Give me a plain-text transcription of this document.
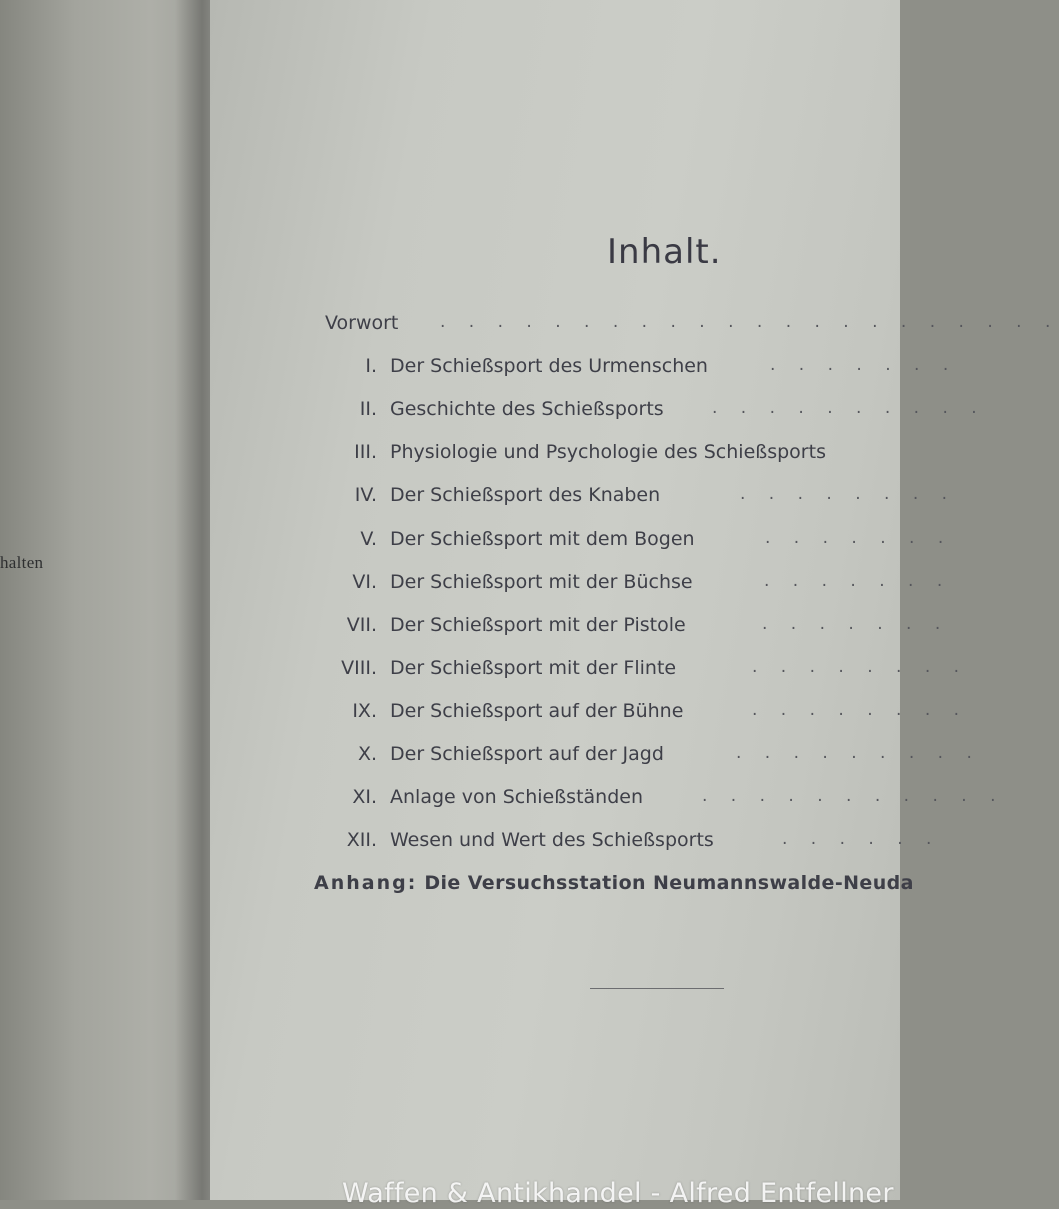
halten
Inhalt.
Vorwort . . . . . . . . . . . . . . . . . . . . . .
I. Der Schießsport des Urmenschen	. . . . . . .
II. Geschichte des Schießsports	. . . . . . . . . .
III. Physiologie und Psychologie des Schießsports
IV. Der Schießsport des Knaben	. . . . . . . .
V. Der Schießsport mit dem Bogen	. . . . . . .
VI. Der Schießsport mit der Büchse	. . . . . . .
VII. Der Schießsport mit der Pistole	. . . . . . .
VIII. Der Schießsport mit der Flinte	. . . . . . . .
IX. Der Schießsport auf der Bühne	. . . . . . . .
X. Der Schießsport auf der Jagd	. . . . . . . . .
XI. Anlage von Schießständen	. . . . . . . . . . .
XII. Wesen und Wert des Schießsports	. . . . . .
Anhang: Die Versuchsstation Neumannswalde-Neuda
Waffen & Antikhandel - Alfred Entfellner
